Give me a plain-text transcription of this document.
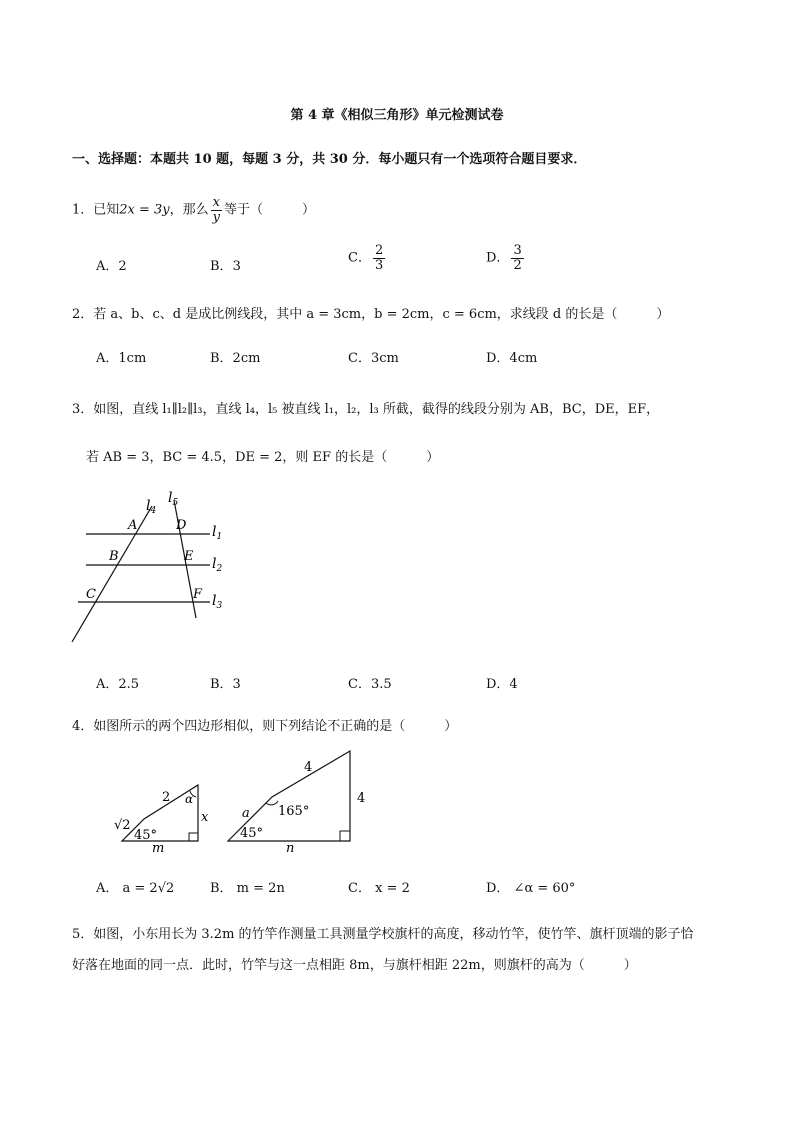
第 4 章《相似三角形》单元检测试卷
一、选择题：本题共 10 题，每题 3 分，共 30 分．每小题只有一个选项符合题目要求．
1．已知2x = 3y，那么 $\frac{x}{y}$ 等于（　　　）
A．2	B．3
C． $\frac{2}{3}$	D． $\frac{3}{2}$
2．若 a、b、c、d 是成比例线段，其中 a = 3cm，b = 2cm，c = 6cm，求线段 d 的长是（　　　）
A．1cm	B．2cm	C．3cm	D．4cm
3．如图，直线 l₁∥l₂∥l₃，直线 l₄，l₅ 被直线 l₁，l₂，l₃ 所截，截得的线段分别为 AB，BC，DE，EF，
若 AB = 3，BC = 4.5，DE = 2，则 EF 的长是（　　　）
$l_4$
$l_5$
$l_1$
$l_2$
$l_3$
A
B
C
D
E
F
A．2.5	B．3	C．3.5	D．4
4．如图所示的两个四边形相似，则下列结论不正确的是（　　　）
2 α
x
√2
45°
m
4
4
a 165°
45°
n
A． a = 2√2	B． m = 2n	C． x = 2	D． ∠α = 60°
5．如图，小东用长为 3.2m 的竹竿作测量工具测量学校旗杆的高度，移动竹竿，使竹竿、旗杆顶端的影子恰
好落在地面的同一点．此时，竹竿与这一点相距 8m，与旗杆相距 22m，则旗杆的高为（　　　）
